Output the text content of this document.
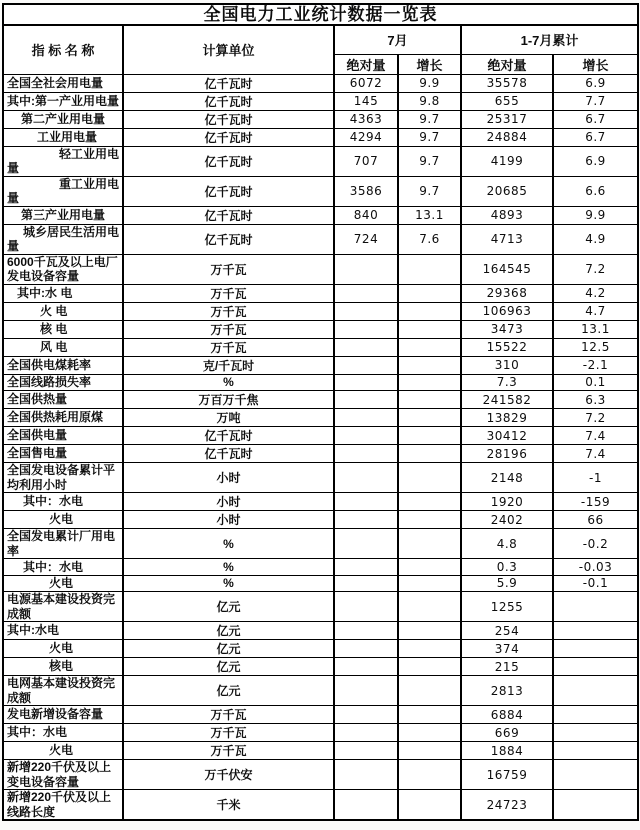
全国电力工业统计数据一览表					
指 标 名 称	计算单位	7月		1-7月累计	
		绝对量	增长	绝对量	增长
全国全社会用电量	亿千瓦时	6072	9.9	35578	6.9
其中:第一产业用电量	亿千瓦时	145	9.8	655	7.7
第二产业用电量	亿千瓦时	4363	9.7	25317	6.7
工业用电量	亿千瓦时	4294	9.7	24884	6.7
轻工业用电量	亿千瓦时	707	9.7	4199	6.9
重工业用电量	亿千瓦时	3586	9.7	20685	6.6
第三产业用电量	亿千瓦时	840	13.1	4893	9.9
城乡居民生活用电量	亿千瓦时	724	7.6	4713	4.9
6000千瓦及以上电厂发电设备容量	万千瓦			164545	7.2
其中:水 电	万千瓦			29368	4.2
火 电	万千瓦			106963	4.7
核 电	万千瓦			3473	13.1
风 电	万千瓦			15522	12.5
全国供电煤耗率	克/千瓦时			310	-2.1
全国线路损失率	%			7.3	0.1
全国供热量	万百万千焦			241582	6.3
全国供热耗用原煤	万吨			13829	7.2
全国供电量	亿千瓦时			30412	7.4
全国售电量	亿千瓦时			28196	7.4
全国发电设备累计平均利用小时	小时			2148	-1
其中：水电	小时			1920	-159
火电	小时			2402	66
全国发电累计厂用电率	%			4.8	-0.2
其中：水电	%			0.3	-0.03
火电	%			5.9	-0.1
电源基本建设投资完成额	亿元			1255	
其中:水电	亿元			254	
火电	亿元			374	
核电	亿元			215	
电网基本建设投资完成额	亿元			2813	
发电新增设备容量	万千瓦			6884	
其中：水电	万千瓦			669	
火电	万千瓦			1884	
新增220千伏及以上变电设备容量	万千伏安			16759	
新增220千伏及以上线路长度	千米			24723	
